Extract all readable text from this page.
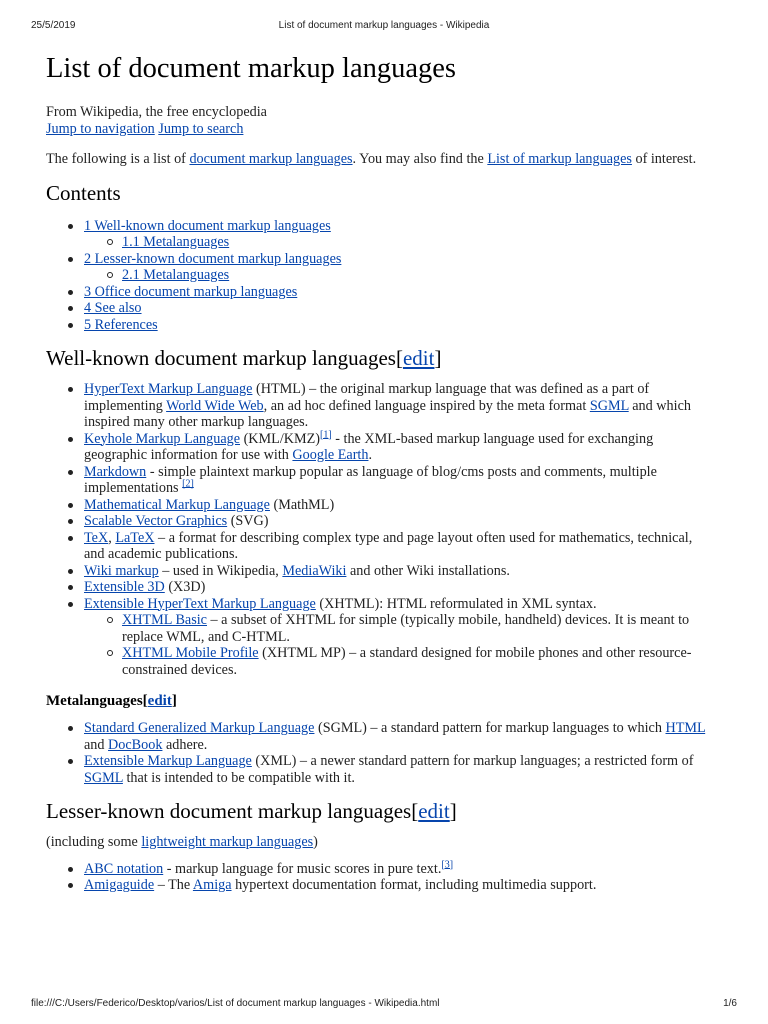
25/5/2019	List of document markup languages - Wikipedia
List of document markup languages
From Wikipedia, the free encyclopedia
Jump to navigation Jump to search

The following is a list of document markup languages. You may also find the List of markup languages of interest.

Contents
1 Well-known document markup languages
1.1 Metalanguages
2 Lesser-known document markup languages
2.1 Metalanguages
3 Office document markup languages
4 See also
5 References
Well-known document markup languages[edit]
HyperText Markup Language (HTML) – the original markup language that was defined as a part of implementing World Wide Web, an ad hoc defined language inspired by the meta format SGML and which inspired many other markup languages.
Keyhole Markup Language (KML/KMZ)[1] - the XML-based markup language used for exchanging geographic information for use with Google Earth.
Markdown - simple plaintext markup popular as language of blog/cms posts and comments, multiple implementations [2]
Mathematical Markup Language (MathML)
Scalable Vector Graphics (SVG)
TeX, LaTeX – a format for describing complex type and page layout often used for mathematics, technical, and academic publications.
Wiki markup – used in Wikipedia, MediaWiki and other Wiki installations.
Extensible 3D (X3D)
Extensible HyperText Markup Language (XHTML): HTML reformulated in XML syntax.
XHTML Basic – a subset of XHTML for simple (typically mobile, handheld) devices. It is meant to replace WML, and C-HTML.
XHTML Mobile Profile (XHTML MP) – a standard designed for mobile phones and other resource-constrained devices.
Metalanguages[edit]
Standard Generalized Markup Language (SGML) – a standard pattern for markup languages to which HTML and DocBook adhere.
Extensible Markup Language (XML) – a newer standard pattern for markup languages; a restricted form of SGML that is intended to be compatible with it.
Lesser-known document markup languages[edit]

(including some lightweight markup languages)

ABC notation - markup language for music scores in pure text.[3]
Amigaguide – The Amiga hypertext documentation format, including multimedia support.
file:///C:/Users/Federico/Desktop/varios/List of document markup languages - Wikipedia.html	1/6
